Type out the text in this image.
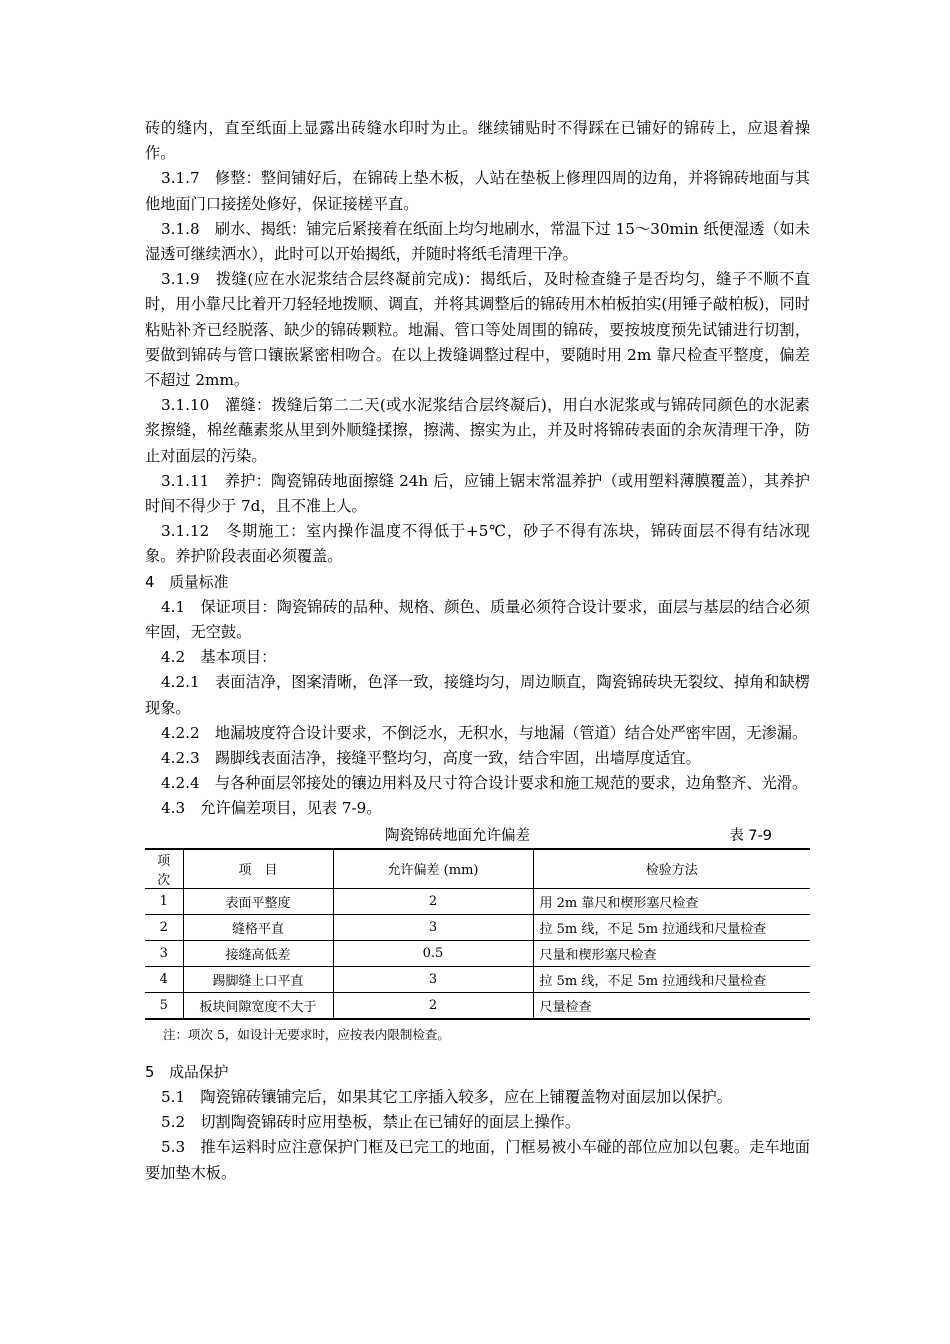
砖的缝内，直至纸面上显露出砖缝水印时为止。继续铺贴时不得踩在已铺好的锦砖上，应退着操作。

3.1.7　修整：整间铺好后，在锦砖上垫木板，人站在垫板上修理四周的边角，并将锦砖地面与其他地面门口接搓处修好，保证接槎平直。

3.1.8　刷水、揭纸：铺完后紧接着在纸面上均匀地刷水，常温下过 15～30min 纸便湿透（如未湿透可继续洒水），此时可以开始揭纸，并随时将纸毛清理干净。

3.1.9　拨缝(应在水泥浆结合层终凝前完成)：揭纸后，及时检查缝子是否均匀，缝子不顺不直时，用小靠尺比着开刀轻轻地拨顺、调直，并将其调整后的锦砖用木柏板拍实(用锤子敲柏板)，同时粘贴补齐已经脱落、缺少的锦砖颗粒。地漏、管口等处周围的锦砖，要按坡度预先试铺进行切割，要做到锦砖与管口镶嵌紧密相吻合。在以上拨缝调整过程中，要随时用 2m 靠尺检查平整度，偏差不超过 2mm。

3.1.10　灌缝：拨缝后第二二天(或水泥浆结合层终凝后)，用白水泥浆或与锦砖同颜色的水泥素浆擦缝，棉丝蘸素浆从里到外顺缝揉擦，擦满、擦实为止，并及时将锦砖表面的余灰清理干净，防止对面层的污染。

3.1.11　养护：陶瓷锦砖地面擦缝 24h 后，应铺上锯末常温养护（或用塑料薄膜覆盖），其养护时间不得少于 7d，且不准上人。

3.1.12　冬期施工：室内操作温度不得低于+5℃，砂子不得有冻块，锦砖面层不得有结冰现象。养护阶段表面必须覆盖。

4　质量标准

4.1　保证项目：陶瓷锦砖的品种、规格、颜色、质量必须符合设计要求，面层与基层的结合必须牢固，无空鼓。

4.2　基本项目：

4.2.1　表面洁净，图案清晰，色泽一致，接缝均匀，周边顺直，陶瓷锦砖块无裂纹、掉角和缺楞现象。

4.2.2　地漏坡度符合设计要求，不倒泛水，无积水，与地漏（管道）结合处严密牢固，无渗漏。

4.2.3　踢脚线表面洁净，接缝平整均匀，高度一致，结合牢固，出墙厚度适宜。

4.2.4　与各种面层邻接处的镶边用料及尺寸符合设计要求和施工规范的要求，边角整齐、光滑。

4.3　允许偏差项目，见表 7-9。

陶瓷锦砖地面允许偏差	表 7-9
项次	项　目	允许偏差 (mm)	检验方法
1	表面平整度	2	用 2m 靠尺和楔形塞尺检查
2	缝格平直	3	拉 5m 线，不足 5m 拉通线和尺量检查
3	接缝高低差	0.5	尺量和楔形塞尺检查
4	踢脚缝上口平直	3	拉 5m 线，不足 5m 拉通线和尺量检查
5	板块间隙宽度不大于	2	尺量检查

注：项次 5，如设计无要求时，应按表内限制检查。

5　成品保护

5.1　陶瓷锦砖镶铺完后，如果其它工序插入较多，应在上铺覆盖物对面层加以保护。

5.2　切割陶瓷锦砖时应用垫板，禁止在已铺好的面层上操作。

5.3　推车运料时应注意保护门框及已完工的地面，门框易被小车碰的部位应加以包裹。走车地面要加垫木板。
